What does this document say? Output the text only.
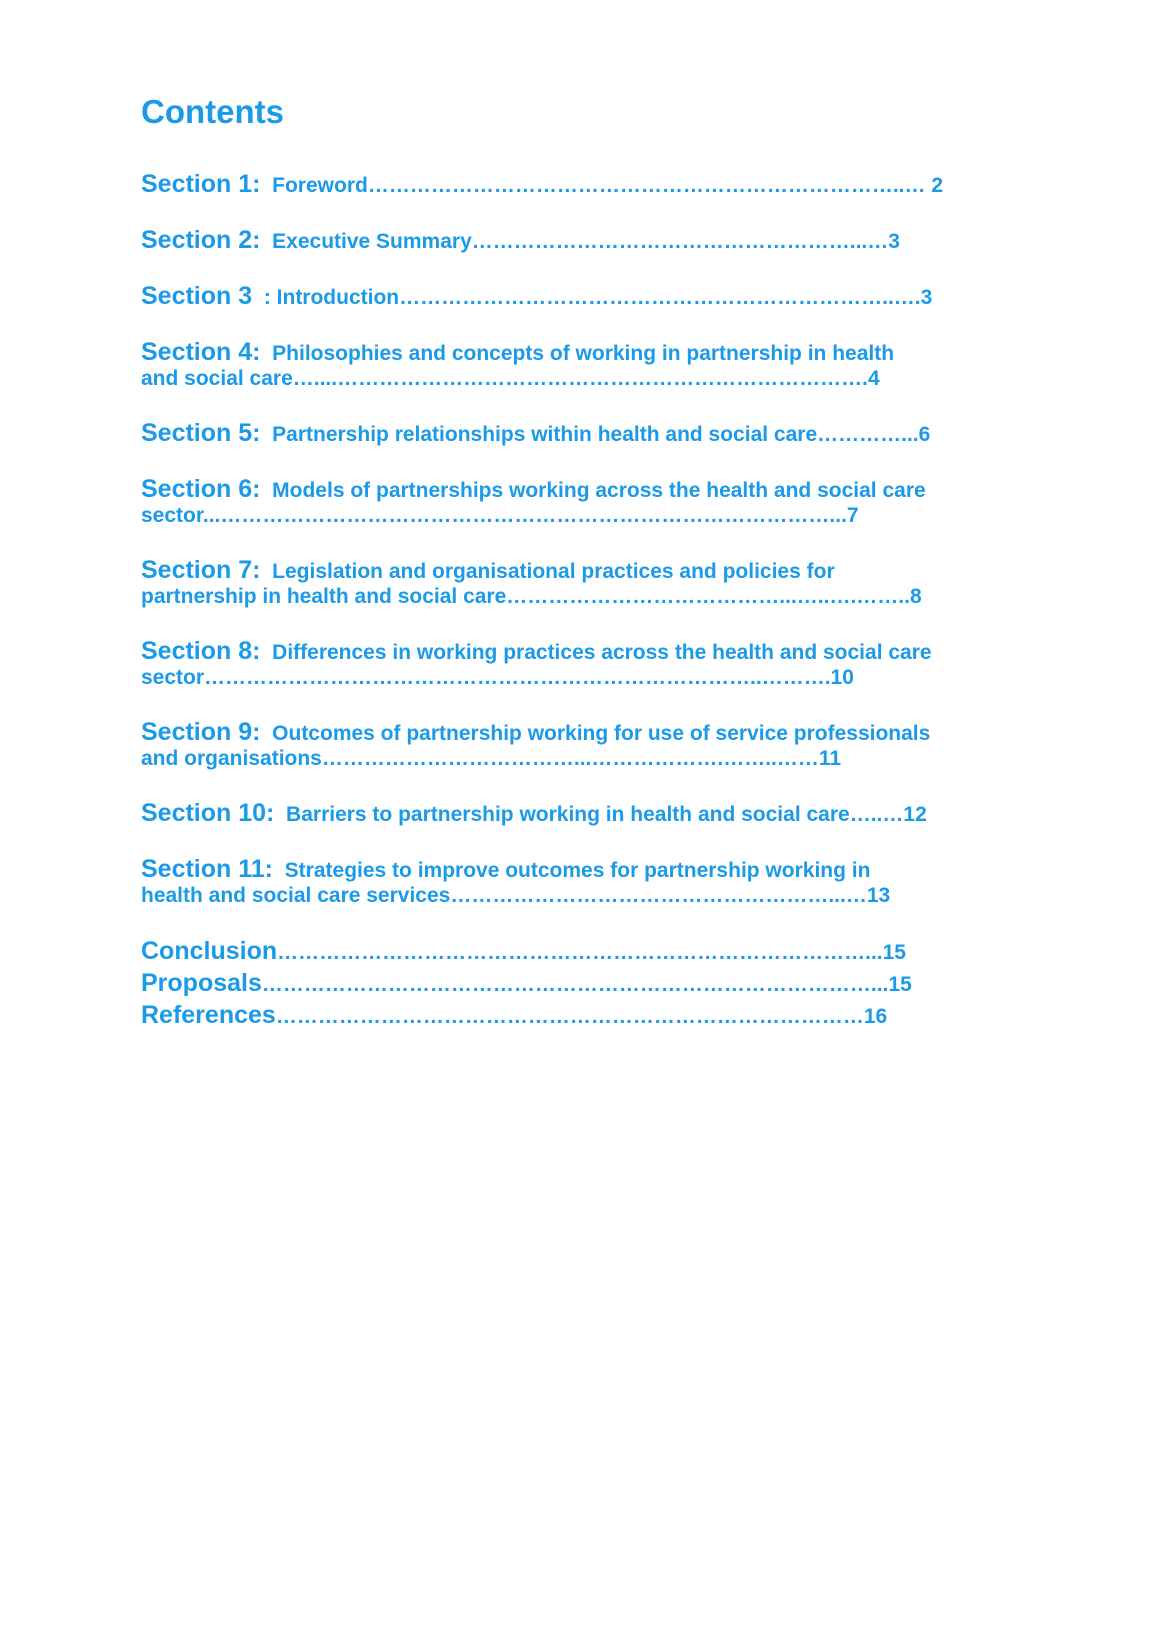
Contents
Section 1: Foreword…………………………………………………………………..… 2
Section 2: Executive Summary………………………………………………...…3
Section 3 : Introduction……………………………………………………………..….3
Section 4: Philosophies and concepts of working in partnership in health
and social care…....………………………………………………………………….4
Section 5: Partnership relationships within health and social care…………...6
Section 6: Models of partnerships working across the health and social care
sector...……………………………………………………………………………...7
Section 7: Legislation and organisational practices and policies for
partnership in health and social care…………………………………...…..….……..8
Section 8: Differences in working practices across the health and social care
sector……………………………………………………………………..……….10
Section 9: Outcomes of partnership working for use of service professionals
and organisations………………………………...……………….……..……11
Section 10: Barriers to partnership working in health and social care…..…12
Section 11: Strategies to improve outcomes for partnership working in
health and social care services………………………………………………...…13
Conclusion…………………………………………………………………………...15
Proposals……………………………………………………………………………...15
References…………………………………………………………………………16
